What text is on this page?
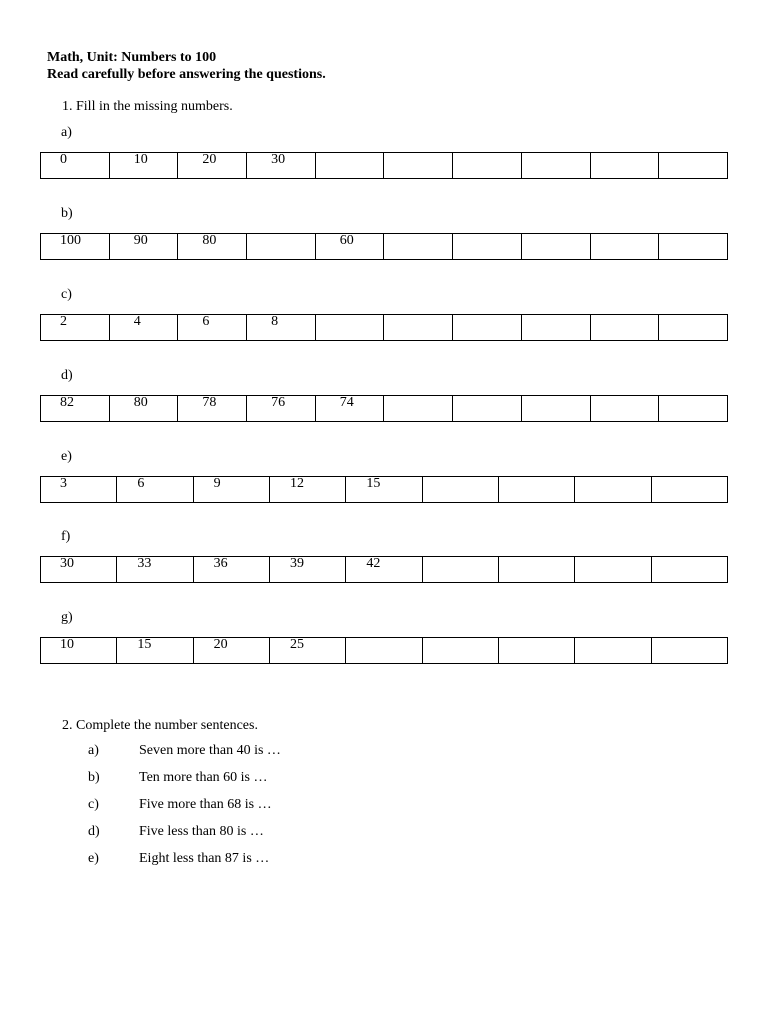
Math, Unit: Numbers to 100
Read carefully before answering the questions.
1. Fill in the missing numbers.
a)
0	10	20	30						
b)
100	90	80		60					
c)
2	4	6	8						
d)
82	80	78	76	74					
e)
3	6	9	12	15				
f)
30	33	36	39	42				
g)
10	15	20	25					
2. Complete the number sentences.
a)	Seven more than 40 is …
b)	Ten more than 60 is …
c)	Five more than 68 is …
d)	Five less than 80 is …
e)	Eight less than 87 is …
